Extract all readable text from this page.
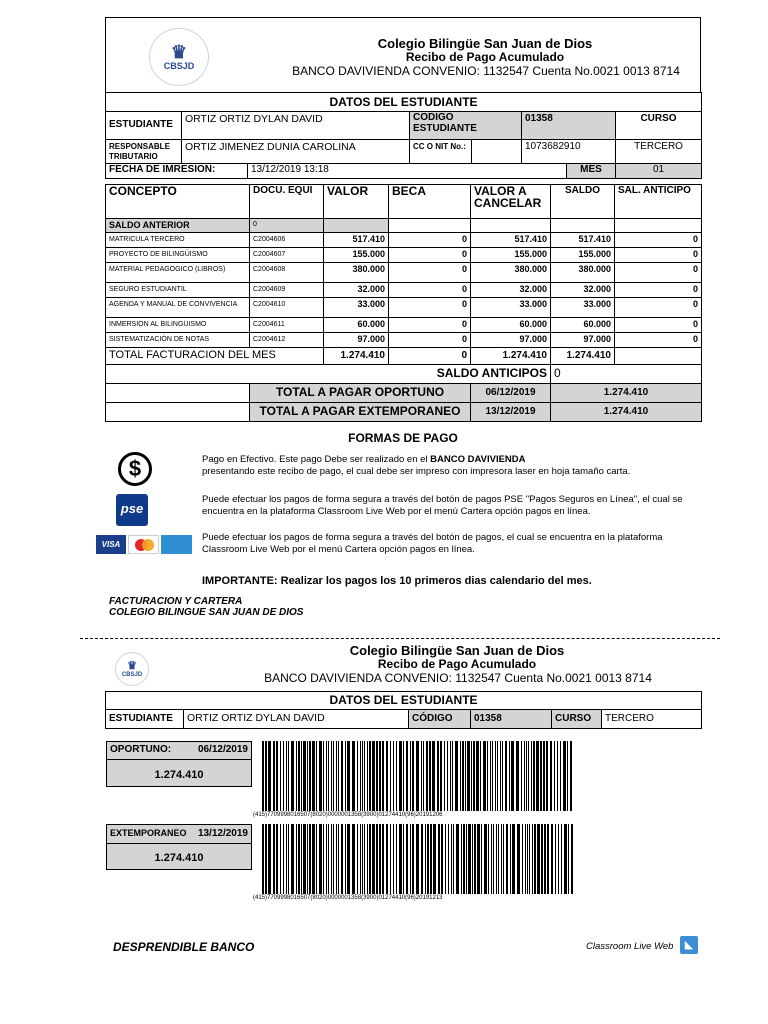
♛
CBSJD
Colegio Bilingüe San Juan de Dios
Recibo de Pago Acumulado
BANCO DAVIVIENDA CONVENIO: 1132547 Cuenta No.0021 0013 8714
DATOS DEL ESTUDIANTE							
ESTUDIANTE	ORTIZ ORTIZ DYLAN DAVID		CODIGO ESTUDIANTE		01358		CURSO
RESPONSABLE TRIBUTARIO	ORTIZ JIMENEZ DUNIA CAROLINA		CC O NIT No.:		1073682910		TERCERO
FECHA DE IMRESION:		13/12/2019 13:18				MES	01
CONCEPTO	DOCU. EQUI	VALOR	BECA	VALOR A CANCELAR	SALDO	SAL. ANTICIPO
SALDO ANTERIOR	0					
MATRICULA TERCERO	C2004606	517.410	0	517.410	517.410	0
PROYECTO DE BILINGÜISMO	C2004607	155.000	0	155.000	155.000	0
MATERIAL PEDAGOGICO (LIBROS)	C2004608	380.000	0	380.000	380.000	0
SEGURO ESTUDIANTIL	C2004609	32.000	0	32.000	32.000	0
AGENDA Y MANUAL DE CONVIVENCIA	C2004610	33.000	0	33.000	33.000	0
INMERSION AL BILINGUISMO	C2004611	60.000	0	60.000	60.000	0
SISTEMATIZACIÓN DE NOTAS	C2004612	97.000	0	97.000	97.000	0
TOTAL FACTURACION DEL MES		1.274.410	0	1.274.410	1.274.410	
SALDO ANTICIPOS					0	
	TOTAL A PAGAR OPORTUNO			06/12/2019	1.274.410	
	TOTAL A PAGAR EXTEMPORANEO			13/12/2019	1.274.410	
FORMAS DE PAGO
$	Pago en Efectivo. Este pago Debe ser realizado en el BANCO DAVIVIENDA
presentando este recibo de pago, el cual debe ser impreso con impresora laser en hoja tamaño carta.
pse
Puede efectuar los pagos de forma segura a través del botón de pagos PSE "Pagos Seguros en Línea", el cual se encuentra en la plataforma Classroom Live Web por el menú Cartera opción pagos en línea.
VISA
Puede efectuar los pagos de forma segura a través del botón de pagos, el cual se encuentra en la plataforma Classroom Live Web por el menú Cartera opción pagos en línea.
IMPORTANTE: Realizar los pagos los 10 primeros dias calendario del mes.
FACTURACION Y CARTERA
COLEGIO BILINGUE SAN JUAN DE DIOS
♛
CBSJD
Colegio Bilingüe San Juan de Dios
Recibo de Pago Acumulado
BANCO DAVIVIENDA CONVENIO: 1132547 Cuenta No.0021 0013 8714
DATOS DEL ESTUDIANTE
ESTUDIANTE	ORTIZ ORTIZ DYLAN DAVID	CÓDIGO	01358	CURSO	TERCERO
OPORTUNO:	06/12/2019
1.274.410
(415)7709998016507(8020)0000001358(3900)01274410(96)20191206
EXTEMPORANEO 13/12/2019
1.274.410
(415)7709998016507(8020)0000001358(3900)01274410(96)20191213
DESPRENDIBLE BANCO	Classroom Live Web ◣
